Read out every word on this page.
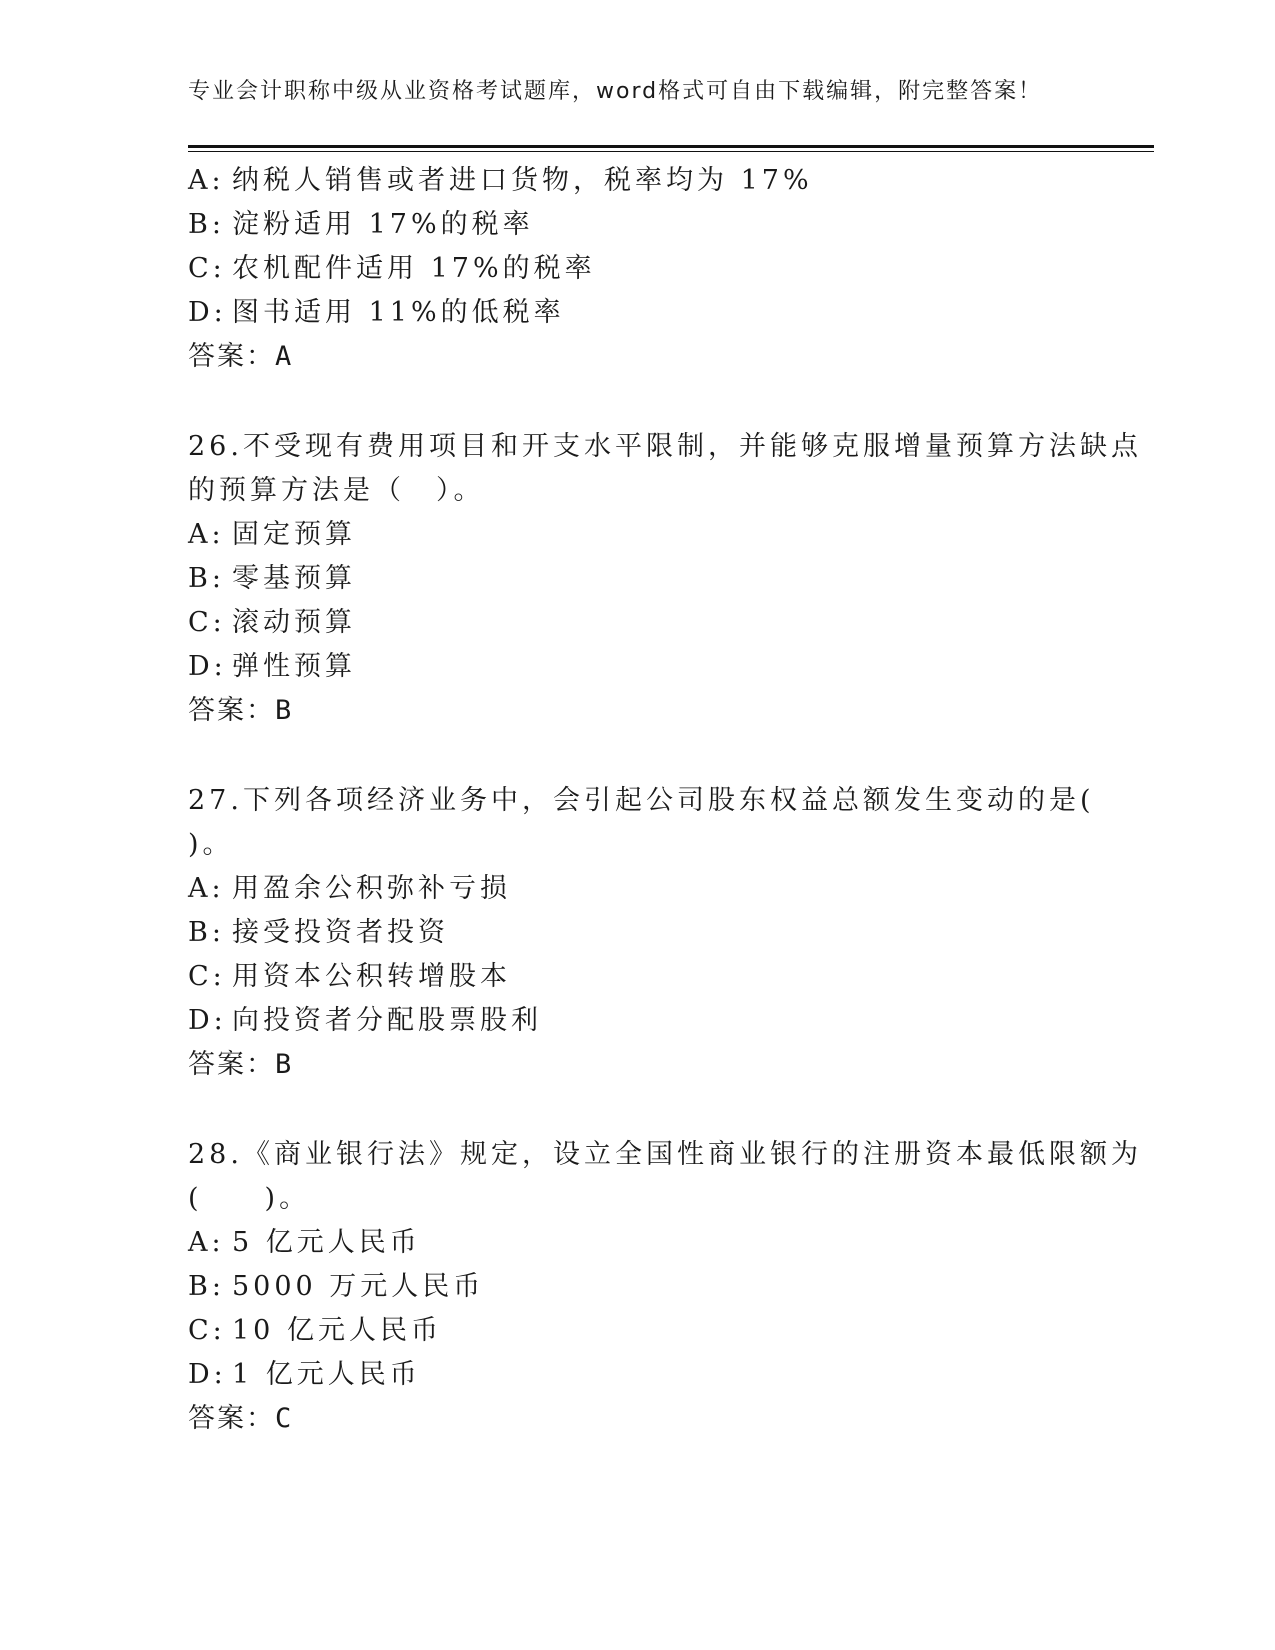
专业会计职称中级从业资格考试题库，word格式可自由下载编辑，附完整答案！
A: 纳税人销售或者进口货物，税率均为 17%
B: 淀粉适用 17%的税率
C: 农机配件适用 17%的税率
D: 图书适用 11%的低税率
答案：A
26.不受现有费用项目和开支水平限制，并能够克服增量预算方法缺点
的预算方法是（　）。
A: 固定预算
B: 零基预算
C: 滚动预算
D: 弹性预算
答案：B
27.下列各项经济业务中，会引起公司股东权益总额发生变动的是(
)。
A: 用盈余公积弥补亏损
B: 接受投资者投资
C: 用资本公积转增股本
D: 向投资者分配股票股利
答案：B
28.《商业银行法》规定，设立全国性商业银行的注册资本最低限额为
(　　)。
A: 5 亿元人民币
B: 5000 万元人民币
C: 10 亿元人民币
D: 1 亿元人民币
答案：C
